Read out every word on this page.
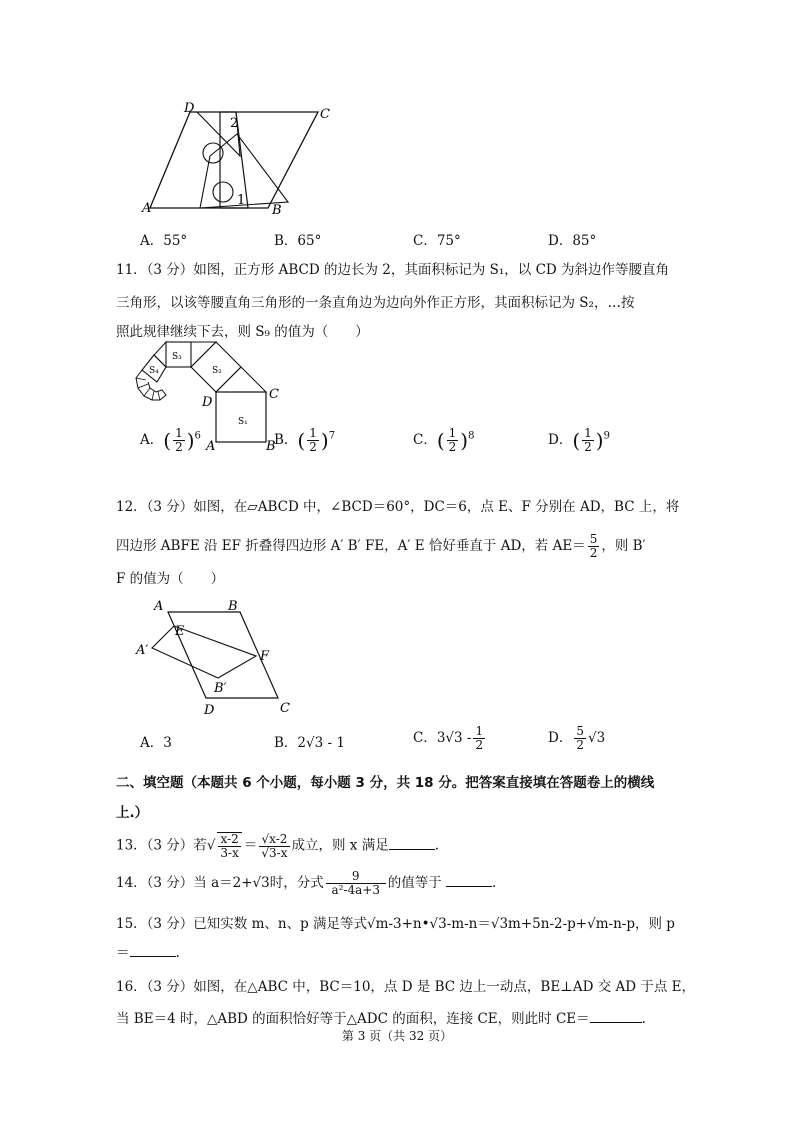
D	C
A	B
2
1
A．55°	B．65°	C．75°	D．85°
11．（3 分）如图，正方形 ABCD 的边长为 2，其面积标记为 S₁，以 CD 为斜边作等腰直角
三角形，以该等腰直角三角形的一条直角边为边向外作正方形，其面积标记为 S₂，…按
照此规律继续下去，则 S₉ 的值为（　　）
S₁
S₂
S₃
S₄
D
C
A	B
A．( $\frac{1}{2} )^6$	B．( $\frac{1}{2} )^7$	C．( $\frac{1}{2} )^8$	D．( $\frac{1}{2} )^9$
12．（3 分）如图，在▱ABCD 中，∠BCD＝60°，DC＝6，点 E、F 分别在 AD，BC 上，将
四边形 ABFE 沿 EF 折叠得四边形 A′ B′ FE，A′ E 恰好垂直于 AD，若 $AE= \frac{5}{2}$ ，则 B′
F 的值为（　　）
A	B
C
D
E
F
A′
B′
A．3	B．2√3 - 1	C．$3√3 - \frac{1}{2}$	D． $\frac{5}{2} √3$
二、填空题（本题共 6 个小题，每小题 3 分，共 18 分。把答案直接填在答题卷上的横线
上.）
13．（3 分）若√ $\frac{x-2}{3-x} = \frac{√x-2}{√3-x}$ 成立，则 x 满足	.
14．（3 分）当 a＝2+√3时，分式 $\frac{9}{\text{a²-4a+3}}$ 的值等于	.
15．（3 分）已知实数 m、n、p 满足等式√m-3+n•√3-m-n＝√3m+5n-2-p+√m-n-p，则 p
＝	.
16．（3 分）如图，在△ABC 中，BC＝10，点 D 是 BC 边上一动点，BE⊥AD 交 AD 于点 E，
当 BE＝4 时，△ABD 的面积恰好等于△ADC 的面积，连接 CE，则此时 CE＝	.
第 3 页（共 32 页）
